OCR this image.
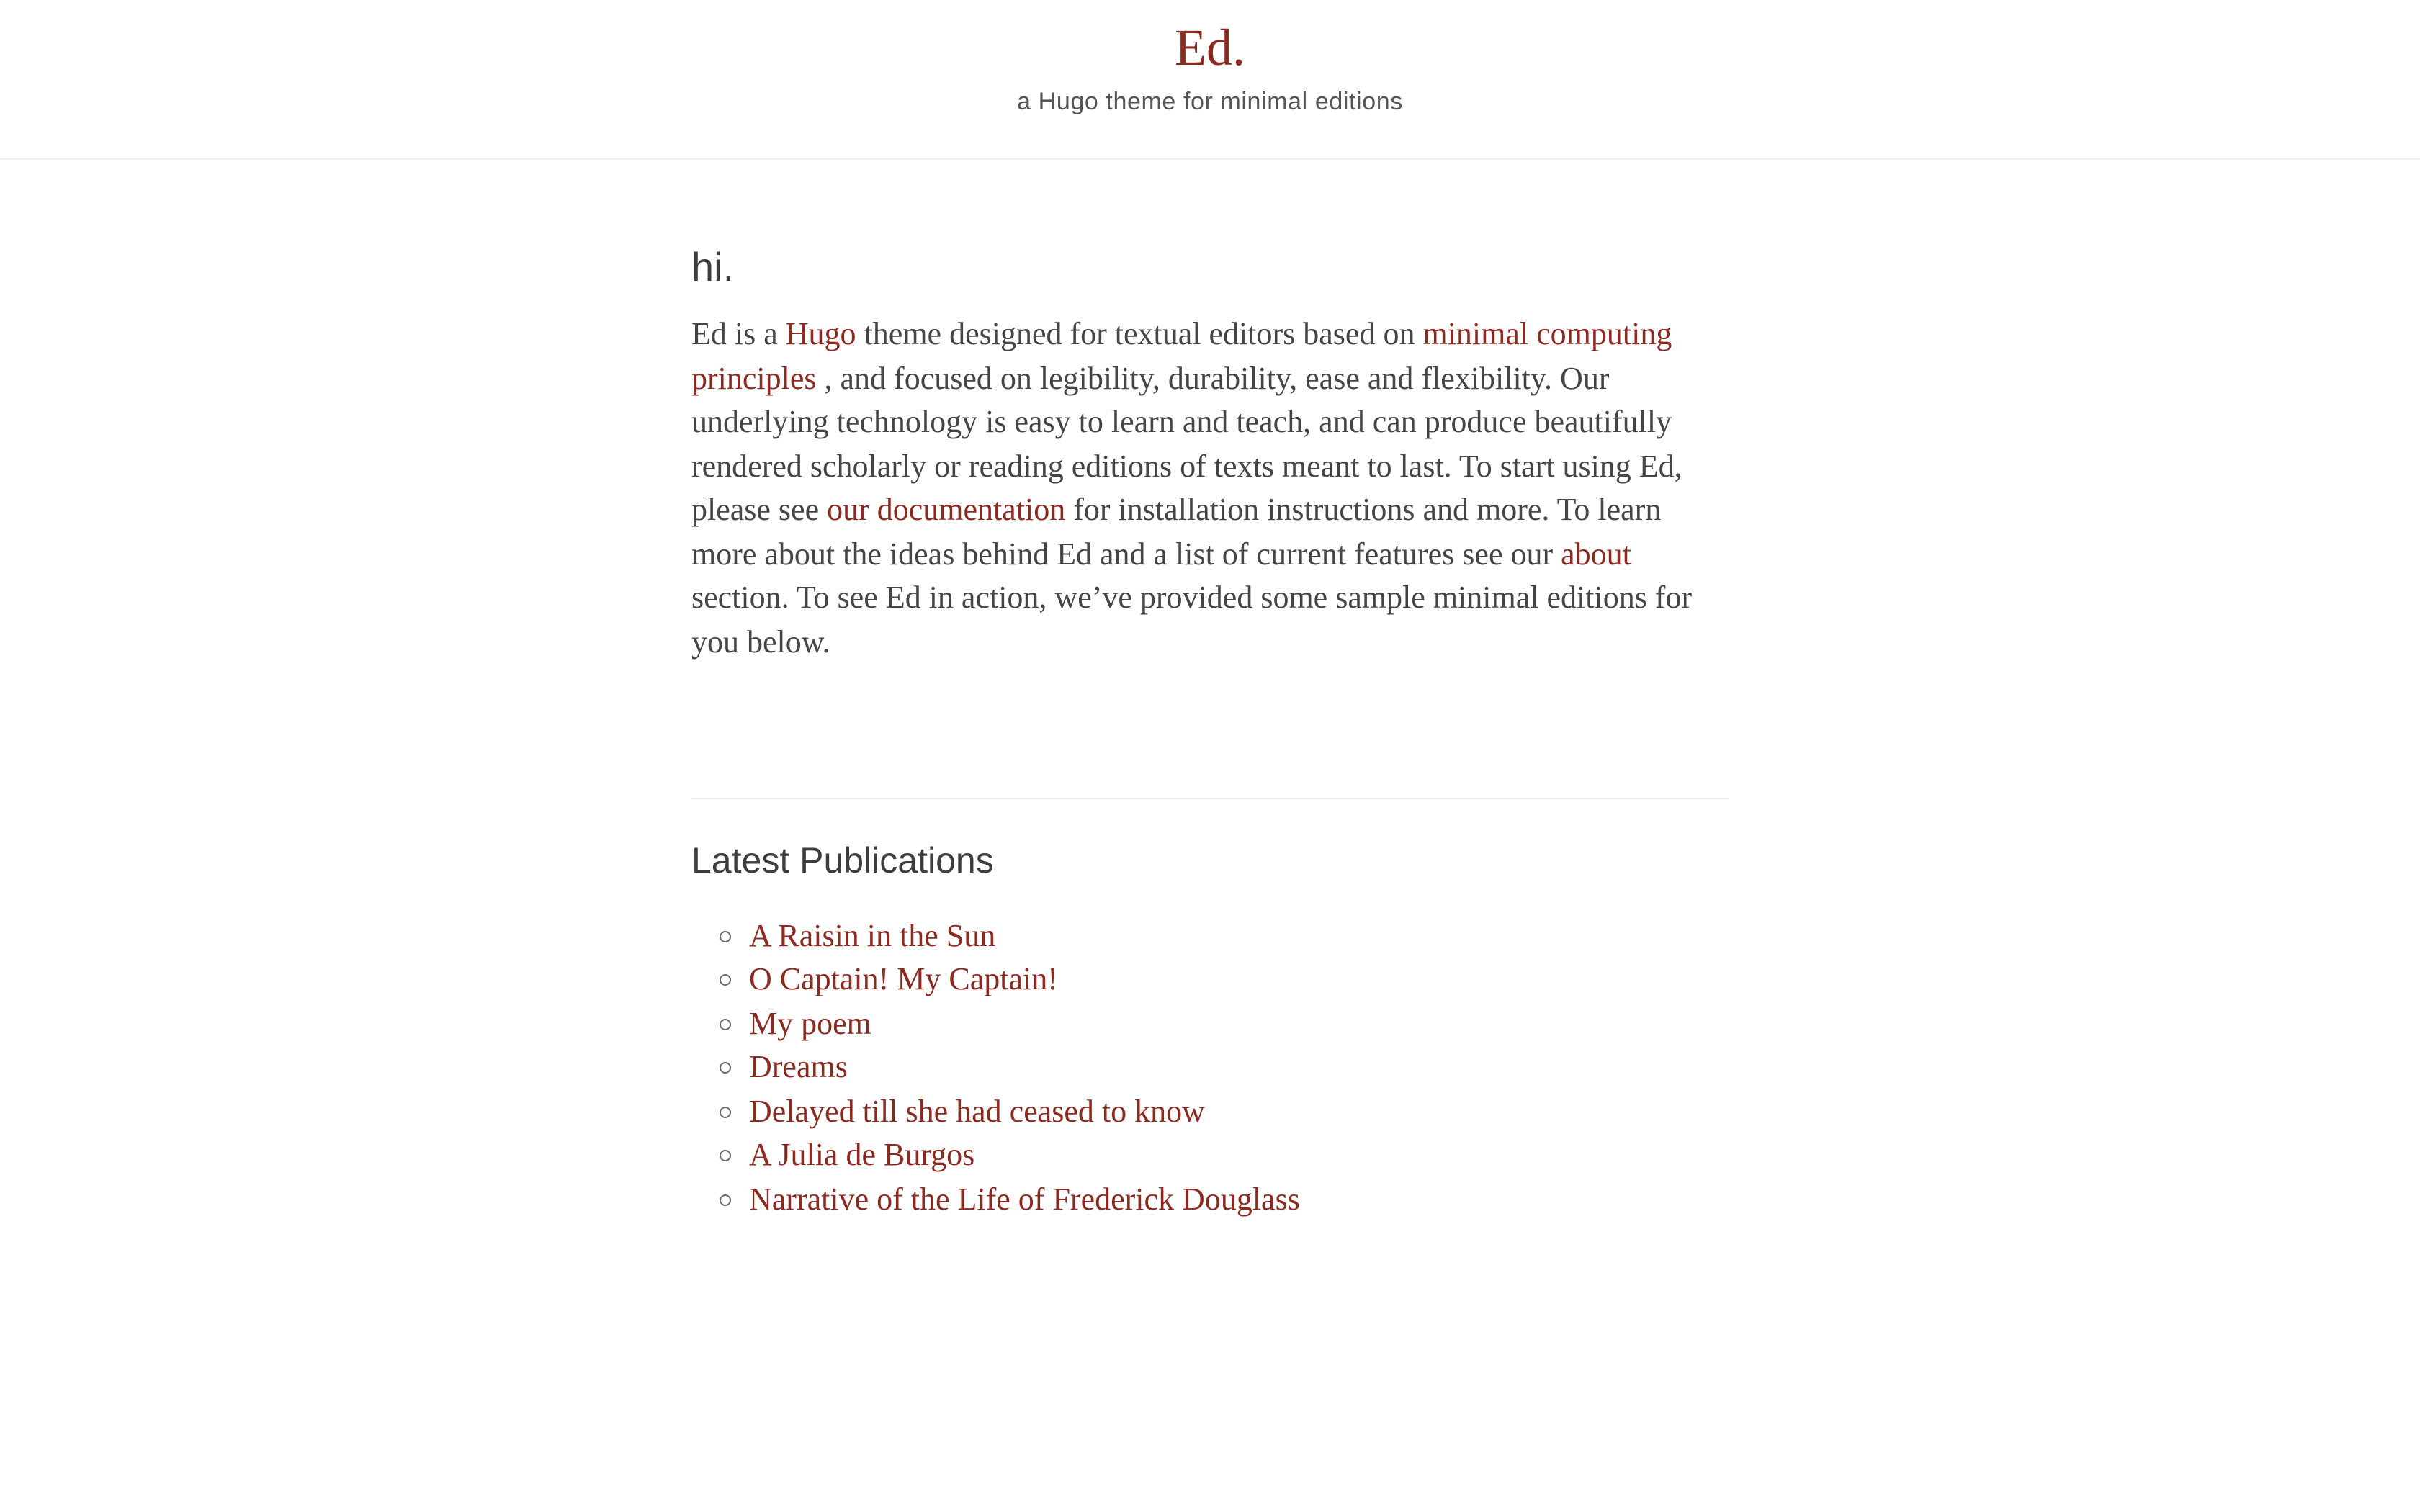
Ed.

a Hugo theme for minimal editions

hi.

Ed is a Hugo theme designed for textual editors based on minimal computing principles , and focused on legibility, durability, ease and flexibility. Our underlying technology is easy to learn and teach, and can produce beautifully rendered scholarly or reading editions of texts meant to last. To start using Ed, please see our documentation for installation instructions and more. To learn more about the ideas behind Ed and a list of current features see our about section. To see Ed in action, we’ve provided some sample minimal editions for you below.

Latest Publications
◦ A Raisin in the Sun
◦ O Captain! My Captain!
◦ My poem
◦ Dreams
◦ Delayed till she had ceased to know
◦ A Julia de Burgos
◦ Narrative of the Life of Frederick Douglass
